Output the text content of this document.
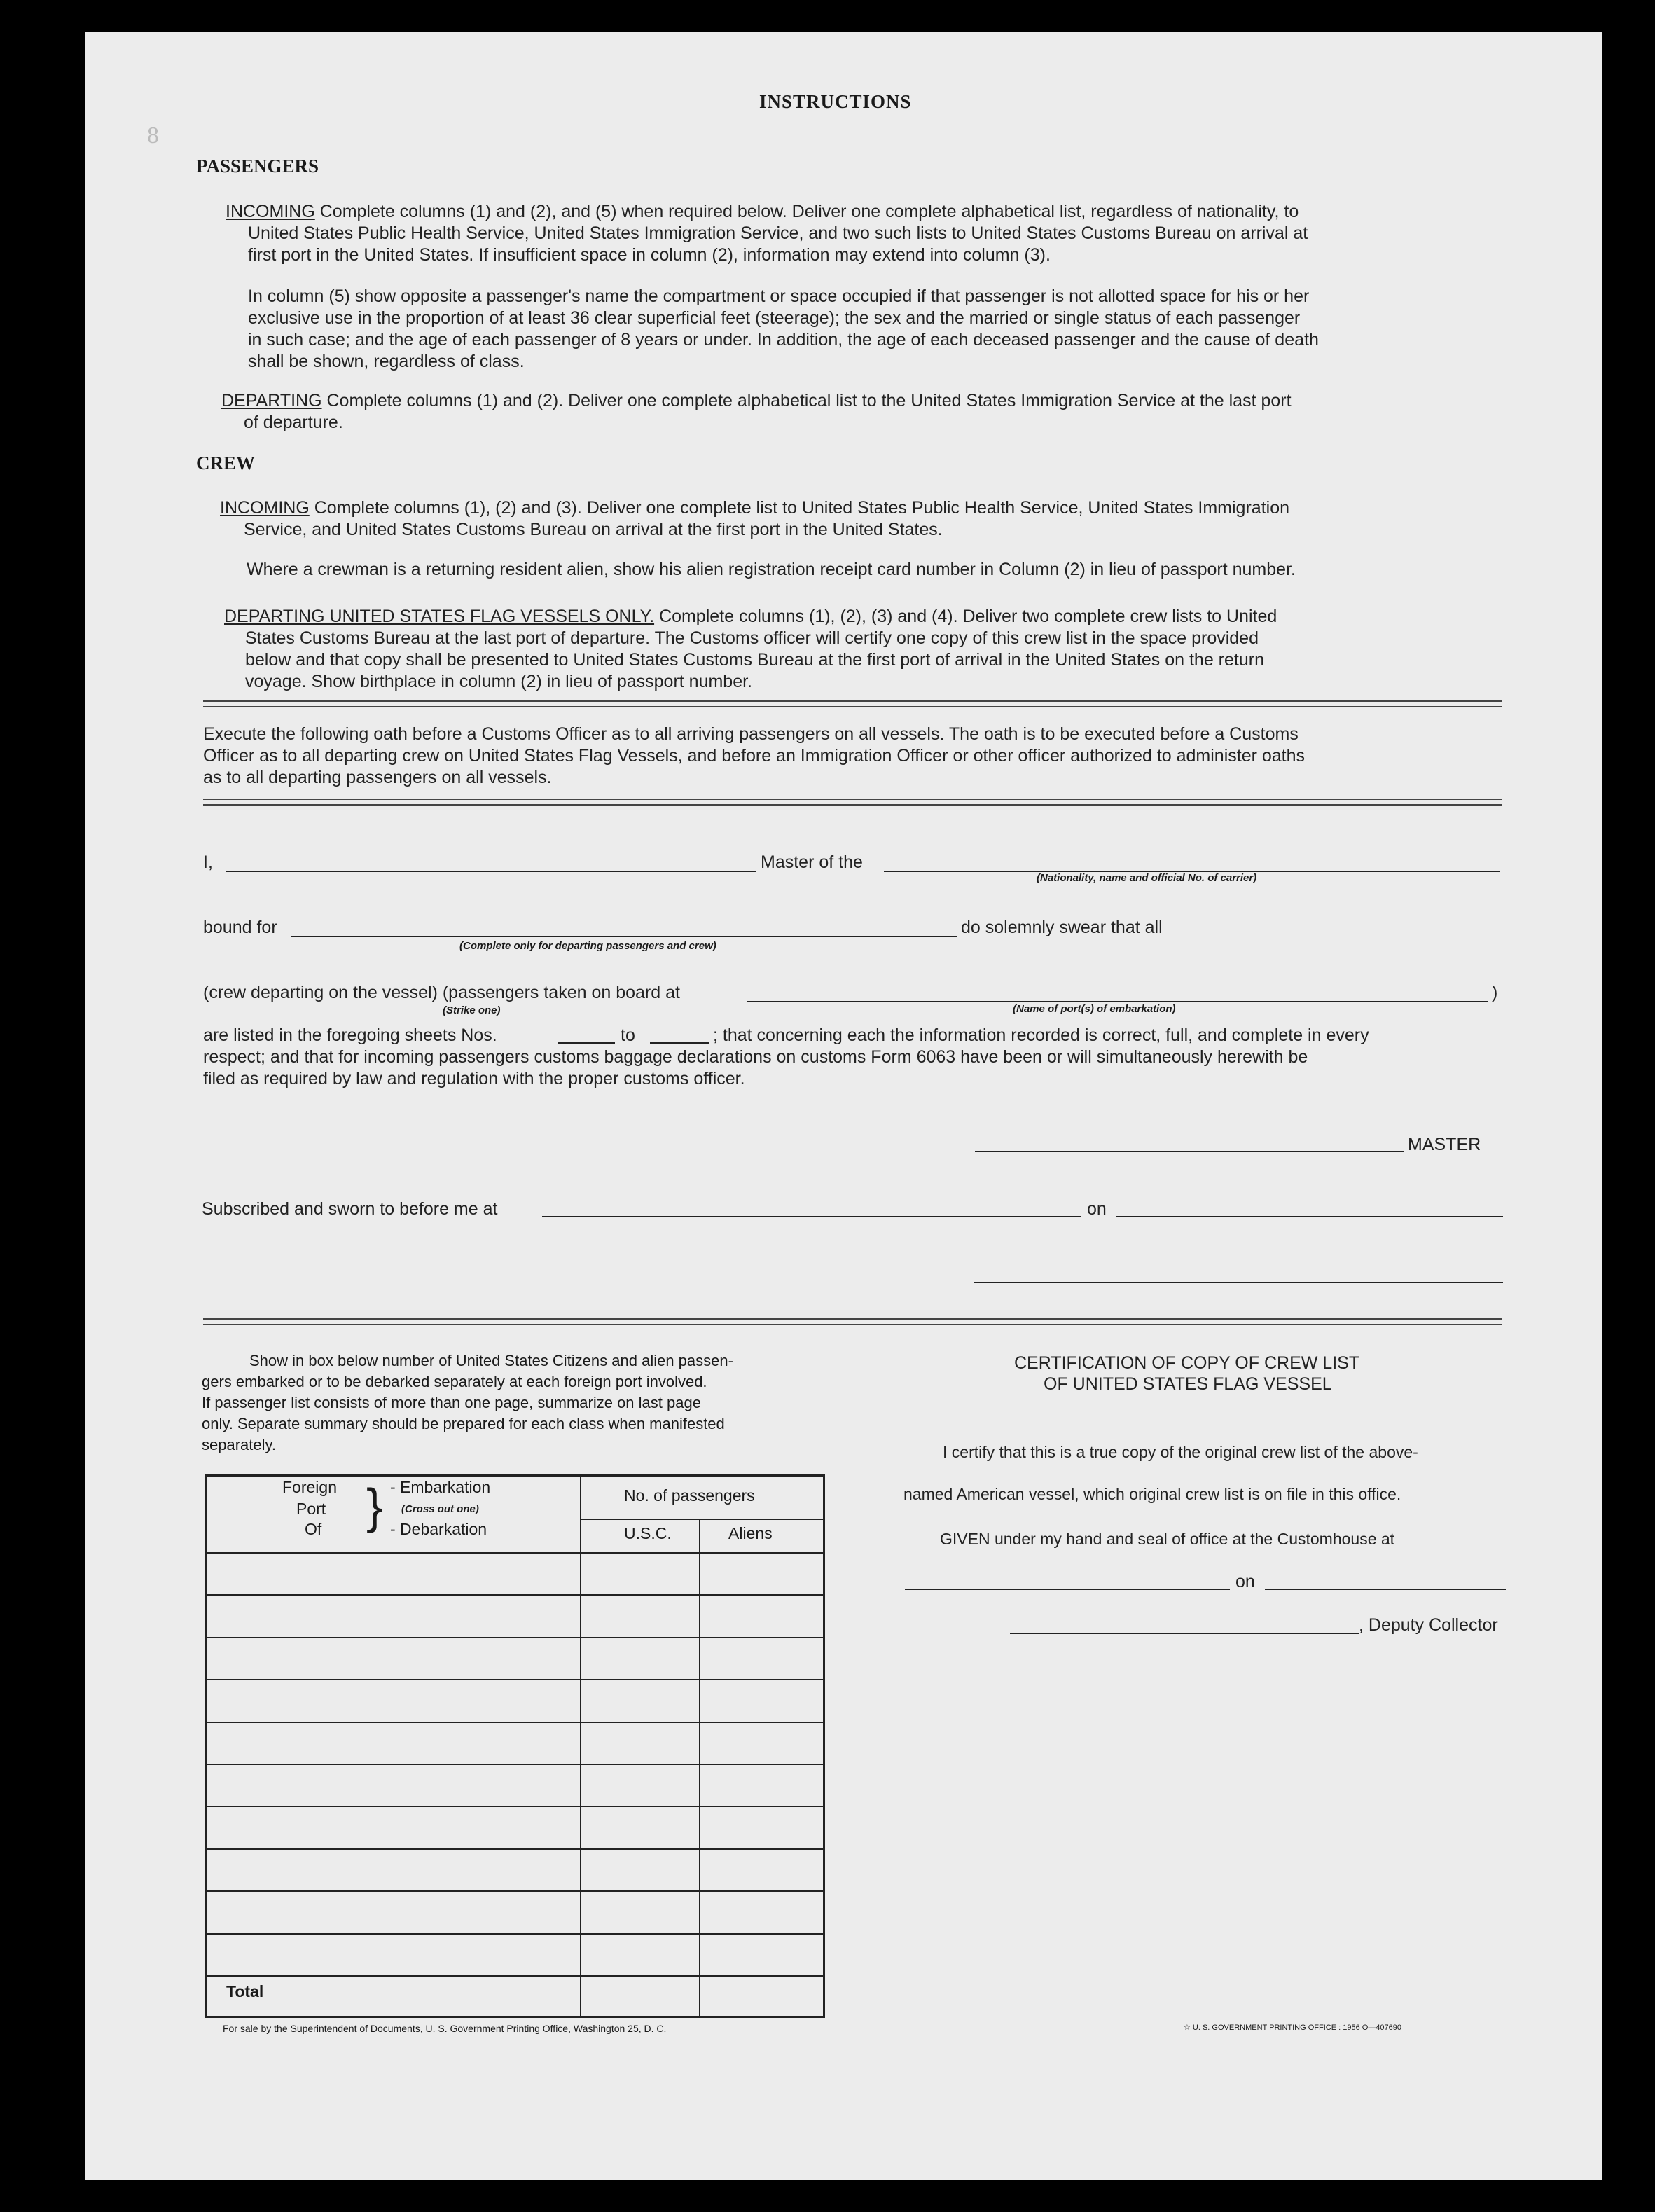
INSTRUCTIONS
8
PASSENGERS

INCOMING Complete columns (1) and (2), and (5) when required below. Deliver one complete alphabetical list, regardless of nationality, to

United States Public Health Service, United States Immigration Service, and two such lists to United States Customs Bureau on arrival at

first port in the United States. If insufficient space in column (2), information may extend into column (3).

In column (5) show opposite a passenger's name the compartment or space occupied if that passenger is not allotted space for his or her

exclusive use in the proportion of at least 36 clear superficial feet (steerage); the sex and the married or single status of each passenger

in such case; and the age of each passenger of 8 years or under. In addition, the age of each deceased passenger and the cause of death

shall be shown, regardless of class.

DEPARTING Complete columns (1) and (2). Deliver one complete alphabetical list to the United States Immigration Service at the last port

of departure.

CREW

INCOMING Complete columns (1), (2) and (3). Deliver one complete list to United States Public Health Service, United States Immigration

Service, and United States Customs Bureau on arrival at the first port in the United States.

Where a crewman is a returning resident alien, show his alien registration receipt card number in Column (2) in lieu of passport number.

DEPARTING UNITED STATES FLAG VESSELS ONLY. Complete columns (1), (2), (3) and (4). Deliver two complete crew lists to United

States Customs Bureau at the last port of departure. The Customs officer will certify one copy of this crew list in the space provided

below and that copy shall be presented to United States Customs Bureau at the first port of arrival in the United States on the return

voyage. Show birthplace in column (2) in lieu of passport number.

Execute the following oath before a Customs Officer as to all arriving passengers on all vessels. The oath is to be executed before a Customs

Officer as to all departing crew on United States Flag Vessels, and before an Immigration Officer or other officer authorized to administer oaths

as to all departing passengers on all vessels.

I,	Master of the
(Nationality, name and official No. of carrier)
bound for
(Complete only for departing passengers and crew)
do solemnly swear that all
(crew departing on the vessel) (passengers taken on board at	)
(Strike one)	(Name of port(s) of embarkation)
are listed in the foregoing sheets Nos.	to	; that concerning each the information recorded is correct, full, and complete in every
respect; and that for incoming passengers customs baggage declarations on customs Form 6063 have been or will simultaneously herewith be
filed as required by law and regulation with the proper customs officer.
MASTER
Subscribed and sworn to before me at	on
Show in box below number of United States Citizens and alien passen-
gers embarked or to be debarked separately at each foreign port involved.
If passenger list consists of more than one page, summarize on last page
only. Separate summary should be prepared for each class when manifested
separately.
Foreign
Port
Of } - Embarkation
(Cross out one)
- Debarkation
No. of passengers
U.S.C.	Aliens
Total
CERTIFICATION OF COPY OF CREW LIST
OF UNITED STATES FLAG VESSEL
I certify that this is a true copy of the original crew list of the above-
named American vessel, which original crew list is on file in this office.
GIVEN under my hand and seal of office at the Customhouse at
on
, Deputy Collector
For sale by the Superintendent of Documents, U. S. Government Printing Office, Washington 25, D. C.	☆ U. S. GOVERNMENT PRINTING OFFICE : 1956 O—407690
